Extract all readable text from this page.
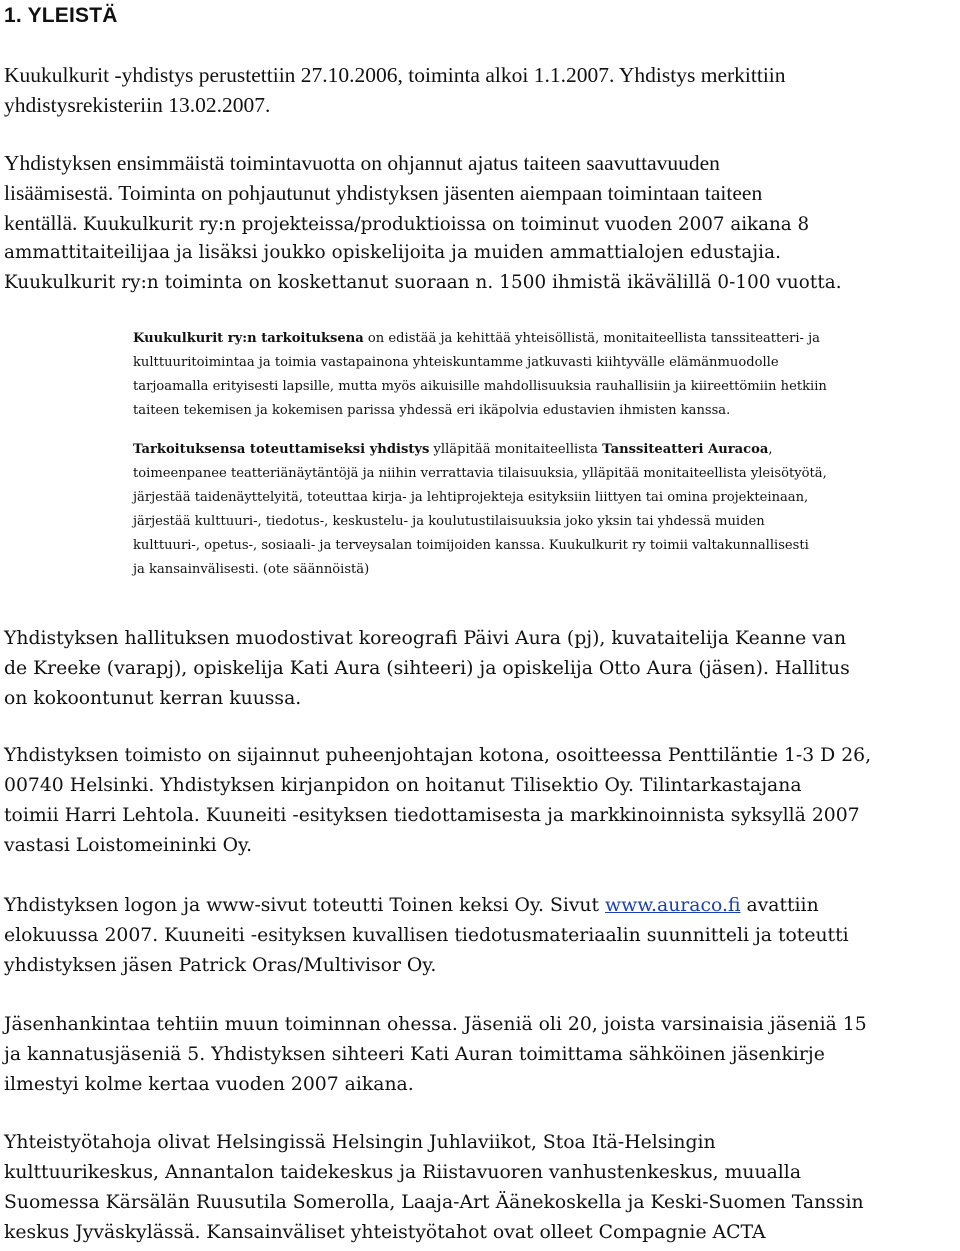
1. YLEISTÄ

Kuukulkurit -yhdistys perustettiin 27.10.2006, toiminta alkoi 1.1.2007. Yhdistys merkittiin
yhdistysrekisteriin 13.02.2007.

Yhdistyksen ensimmäistä toimintavuotta on ohjannut ajatus taiteen saavuttavuuden
lisäämisestä. Toiminta on pohjautunut yhdistyksen jäsenten aiempaan toimintaan taiteen
kentällä. Kuukulkurit ry:n projekteissa/produktioissa on toiminut vuoden 2007 aikana 8

ammattitaiteilijaa ja lisäksi joukko opiskelijoita ja muiden ammattialojen edustajia.
Kuukulkurit ry:n toiminta on koskettanut suoraan n. 1500 ihmistä ikävälillä 0-100 vuotta.

Kuukulkurit ry:n tarkoituksena on edistää ja kehittää yhteisöllistä, monitaiteellista tanssiteatteri- ja
kulttuuritoimintaa ja toimia vastapainona yhteiskuntamme jatkuvasti kiihtyvälle elämänmuodolle
tarjoamalla erityisesti lapsille, mutta myös aikuisille mahdollisuuksia rauhallisiin ja kiireettömiin hetkiin
taiteen tekemisen ja kokemisen parissa yhdessä eri ikäpolvia edustavien ihmisten kanssa.

Tarkoituksensa toteuttamiseksi yhdistys ylläpitää monitaiteellista Tanssiteatteri Auracoa,
toimeenpanee teatteriänäytäntöjä ja niihin verrattavia tilaisuuksia, ylläpitää monitaiteellista yleisötyötä,
järjestää taidenäyttelyitä, toteuttaa kirja- ja lehtiprojekteja esityksiin liittyen tai omina projekteinaan,
järjestää kulttuuri-, tiedotus-, keskustelu- ja koulutustilaisuuksia joko yksin tai yhdessä muiden
kulttuuri-, opetus-, sosiaali- ja terveysalan toimijoiden kanssa. Kuukulkurit ry toimii valtakunnallisesti
ja kansainvälisesti. (ote säännöistä)

Yhdistyksen hallituksen muodostivat koreografi Päivi Aura (pj), kuvataitelija Keanne van
de Kreeke (varapj), opiskelija Kati Aura (sihteeri) ja opiskelija Otto Aura (jäsen). Hallitus
on kokoontunut kerran kuussa.

Yhdistyksen toimisto on sijainnut puheenjohtajan kotona, osoitteessa Penttiläntie 1-3 D 26,
00740 Helsinki. Yhdistyksen kirjanpidon on hoitanut Tilisektio Oy. Tilintarkastajana
toimii Harri Lehtola. Kuuneiti -esityksen tiedottamisesta ja markkinoinnista syksyllä 2007
vastasi Loistomeininki Oy.

Yhdistyksen logon ja www-sivut toteutti Toinen keksi Oy. Sivut www.auraco.fi avattiin
elokuussa 2007. Kuuneiti -esityksen kuvallisen tiedotusmateriaalin suunnitteli ja toteutti
yhdistyksen jäsen Patrick Oras/Multivisor Oy.

Jäsenhankintaa tehtiin muun toiminnan ohessa. Jäseniä oli 20, joista varsinaisia jäseniä 15
ja kannatusjäseniä 5. Yhdistyksen sihteeri Kati Auran toimittama sähköinen jäsenkirje
ilmestyi kolme kertaa vuoden 2007 aikana.

Yhteistyötahoja olivat Helsingissä Helsingin Juhlaviikot, Stoa Itä-Helsingin
kulttuurikeskus, Annantalon taidekeskus ja Riistavuoren vanhustenkeskus, muualla
Suomessa Kärsälän Ruusutila Somerolla, Laaja-Art Äänekoskella ja Keski-Suomen Tanssin
keskus Jyväskylässä. Kansainväliset yhteistyötahot ovat olleet Compagnie ACTA
